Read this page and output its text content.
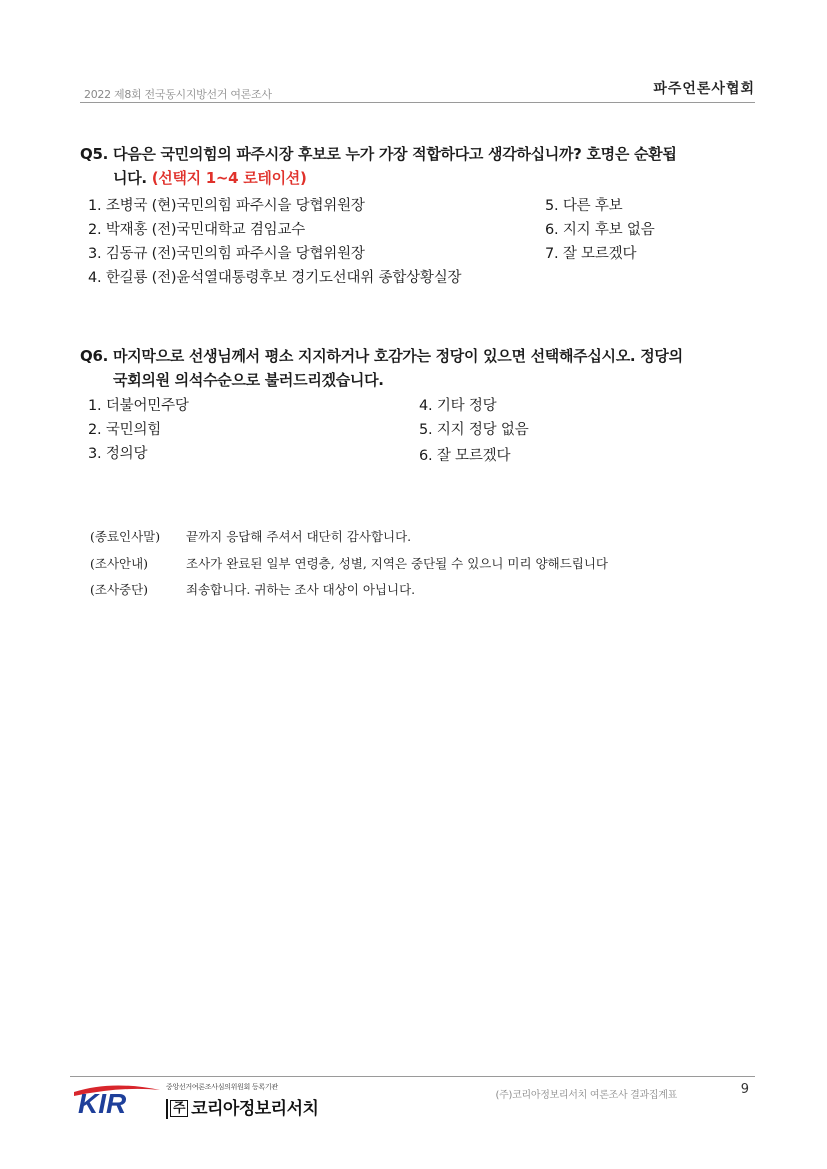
2022 제8회 전국동시지방선거 여론조사	파주언론사협회
Q5. 다음은 국민의힘의 파주시장 후보로 누가 가장 적합하다고 생각하십니까? 호명은 순환됩
니다. (선택지 1~4 로테이션)
1. 조병국 (현)국민의힘 파주시을 당협위원장
2. 박재홍 (전)국민대학교 겸임교수
3. 김동규 (전)국민의힘 파주시을 당협위원장
4. 한길룡 (전)윤석열대통령후보 경기도선대위 종합상황실장
5. 다른 후보
6. 지지 후보 없음
7. 잘 모르겠다
Q6. 마지막으로 선생님께서 평소 지지하거나 호감가는 정당이 있으면 선택해주십시오. 정당의
국회의원 의석수순으로 불러드리겠습니다.
1. 더불어민주당
2. 국민의힘
3. 정의당
4. 기타 정당
5. 지지 정당 없음
6. 잘 모르겠다
(종료인사말) 끝까지 응답해 주셔서 대단히 감사합니다.
(조사안내)	조사가 완료된 일부 연령층, 성별, 지역은 중단될 수 있으니 미리 양해드립니다
(조사중단)	죄송합니다. 귀하는 조사 대상이 아닙니다.
KIR
중앙선거여론조사심의위원회 등록기관
주 코리아정보리서치
(주)코리아정보리서치 여론조사 결과집계표	9
